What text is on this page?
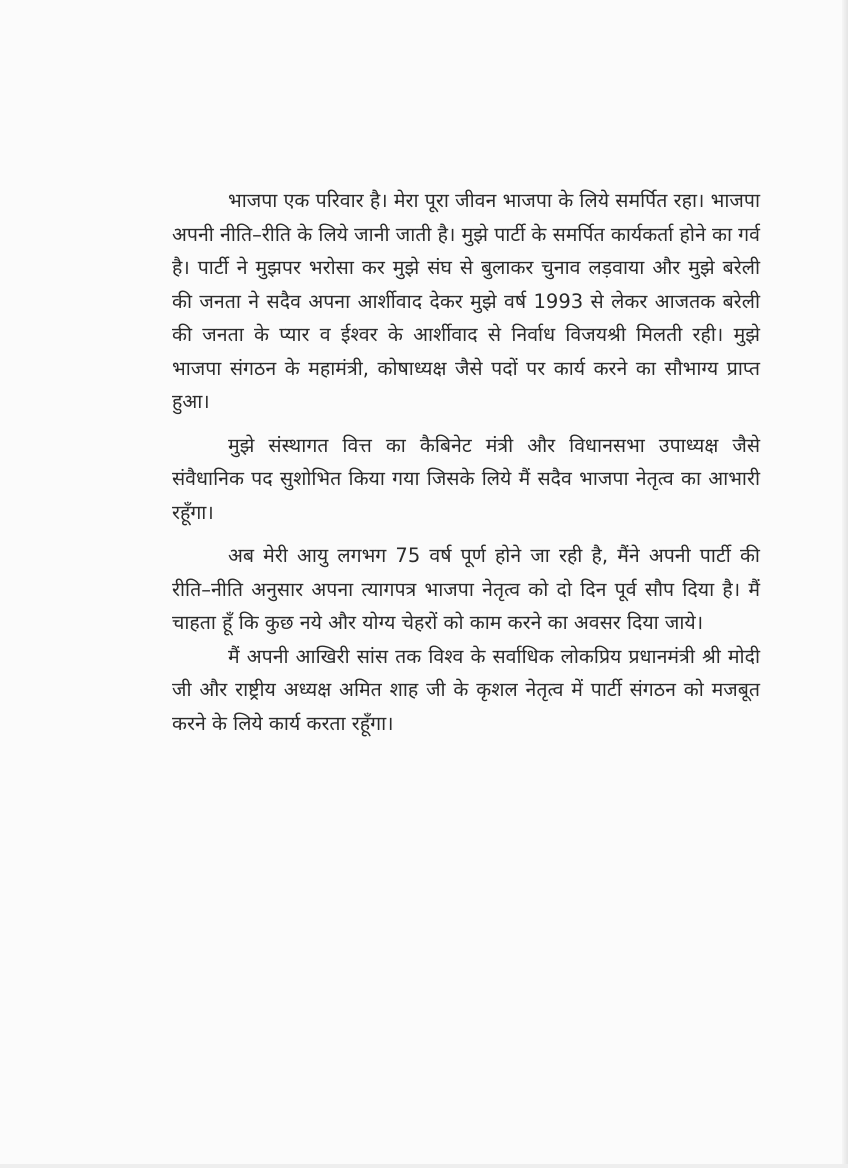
भाजपा एक परिवार है। मेरा पूरा जीवन भाजपा के लिये समर्पित रहा। भाजपा अपनी नीति–रीति के लिये जानी जाती है। मुझे पार्टी के समर्पित कार्यकर्ता होने का गर्व है। पार्टी ने मुझपर भरोसा कर मुझे संघ से बुलाकर चुनाव लड़वाया और मुझे बरेली की जनता ने सदैव अपना आर्शीवाद देकर मुझे वर्ष 1993 से लेकर आजतक बरेली की जनता के प्यार व ईश्वर के आर्शीवाद से निर्वाध विजयश्री मिलती रही। मुझे भाजपा संगठन के महामंत्री, कोषाध्यक्ष जैसे पदों पर कार्य करने का सौभाग्य प्राप्त हुआ।

मुझे संस्थागत वित्त का कैबिनेट मंत्री और विधानसभा उपाध्यक्ष जैसे संवैधानिक पद सुशोभित किया गया जिसके लिये मैं सदैव भाजपा नेतृत्व का आभारी रहूँगा।

अब मेरी आयु लगभग 75 वर्ष पूर्ण होने जा रही है, मैंने अपनी पार्टी की रीति–नीति अनुसार अपना त्यागपत्र भाजपा नेतृत्व को दो दिन पूर्व सौप दिया है। मैं चाहता हूँ कि कुछ नये और योग्य चेहरों को काम करने का अवसर दिया जाये।

मैं अपनी आखिरी सांस तक विश्व के सर्वाधिक लोकप्रिय प्रधानमंत्री श्री मोदी जी और राष्ट्रीय अध्यक्ष अमित शाह जी के कृशल नेतृत्व में पार्टी संगठन को मजबूत करने के लिये कार्य करता रहूँगा।
